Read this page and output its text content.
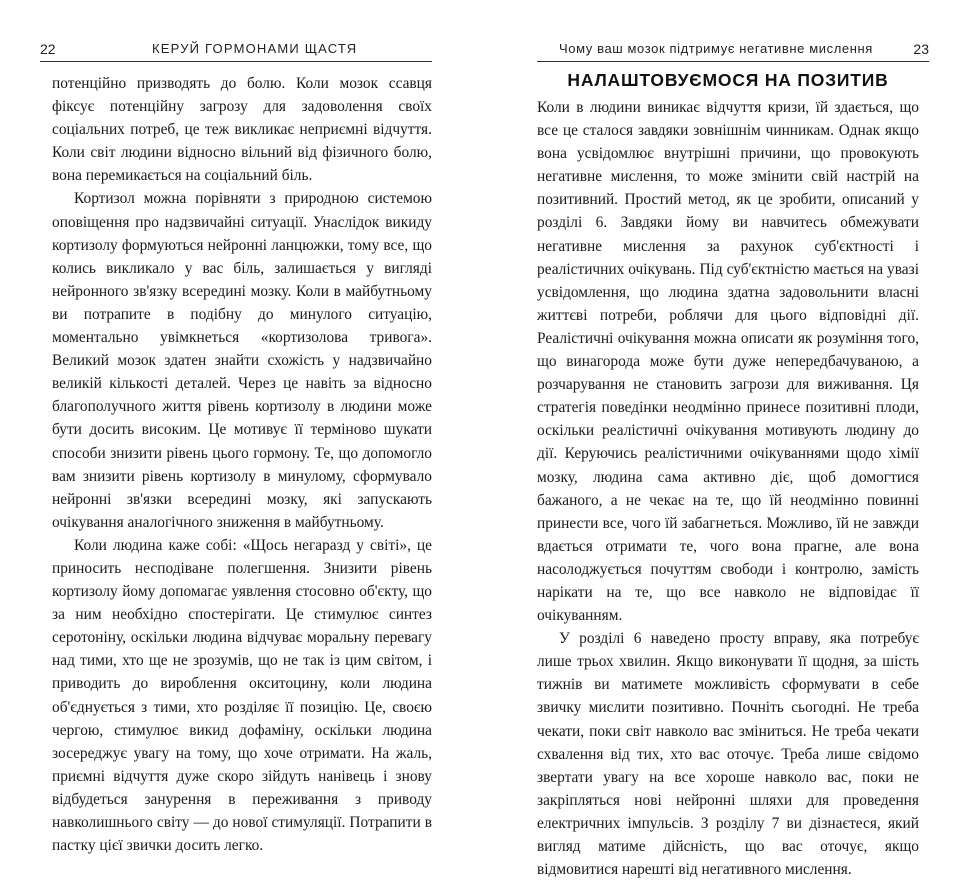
22	КЕРУЙ ГОРМОНАМИ ЩАСТЯ

потенційно призводять до болю. Коли мозок ссавця фіксує потенційну загрозу для задоволення своїх соціальних потреб, це теж викликає неприємні відчуття. Коли світ людини відносно вільний від фізичного болю, вона перемикається на соціальний біль.

Кортизол можна порівняти з природною системою оповіщення про надзвичайні ситуації. Унаслідок викиду кортизолу формуються нейронні ланцюжки, тому все, що колись викликало у вас біль, залишається у вигляді нейронного зв'язку всередині мозку. Коли в майбутньому ви потрапите в подібну до минулого ситуацію, моментально увімкнеться «кортизолова тривога». Великий мозок здатен знайти схожість у надзвичайно великій кількості деталей. Через це навіть за відносно благополучного життя рівень кортизолу в людини може бути досить високим. Це мотивує її терміново шукати способи знизити рівень цього гормону. Те, що допомогло вам знизити рівень кортизолу в минулому, сформувало нейронні зв'язки всередині мозку, які запускають очікування аналогічного зниження в майбутньому.

Коли людина каже собі: «Щось негаразд у світі», це приносить несподіване полегшення. Знизити рівень кортизолу йому допомагає уявлення стосовно об'єкту, що за ним необхідно спостерігати. Це стимулює синтез серотоніну, оскільки людина відчуває моральну перевагу над тими, хто ще не зрозумів, що не так із цим світом, і приводить до вироблення окситоцину, коли людина об'єднується з тими, хто розділяє її позицію. Це, своєю чергою, стимулює викид дофаміну, оскільки людина зосереджує увагу на тому, що хоче отримати. На жаль, приємні відчуття дуже скоро зійдуть нанівець і знову відбудеться занурення в переживання з приводу навколишнього світу — до нової стимуляції. Потрапити в пастку цієї звички досить легко.

Чому ваш мозок підтримує негативне мислення	23
НАЛАШТОВУЄМОСЯ НА ПОЗИТИВ

Коли в людини виникає відчуття кризи, їй здається, що все це сталося завдяки зовнішнім чинникам. Однак якщо вона усвідомлює внутрішні причини, що провокують негативне мислення, то може змінити свій настрій на позитивний. Простий метод, як це зробити, описаний у розділі 6. Завдяки йому ви навчитесь обмежувати негативне мислення за рахунок суб'єктності і реалістичних очікувань. Під суб'єктністю мається на увазі усвідомлення, що людина здатна задовольнити власні життєві потреби, роблячи для цього відповідні дії. Реалістичні очікування можна описати як розуміння того, що винагорода може бути дуже непередбачуваною, а розчарування не становить загрози для виживання. Ця стратегія поведінки неодмінно принесе позитивні плоди, оскільки реалістичні очікування мотивують людину до дії. Керуючись реалістичними очікуваннями щодо хімії мозку, людина сама активно діє, щоб домогтися бажаного, а не чекає на те, що їй неодмінно повинні принести все, чого їй забагнеться. Можливо, їй не завжди вдається отримати те, чого вона прагне, але вона насолоджується почуттям свободи і контролю, замість нарікати на те, що все навколо не відповідає її очікуванням.

У розділі 6 наведено просту вправу, яка потребує лише трьох хвилин. Якщо виконувати її щодня, за шість тижнів ви матимете можливість сформувати в себе звичку мислити позитивно. Почніть сьогодні. Не треба чекати, поки світ навколо вас зміниться. Не треба чекати схвалення від тих, хто вас оточує. Треба лише свідомо звертати увагу на все хороше навколо вас, поки не закріпляться нові нейронні шляхи для проведення електричних імпульсів. З розділу 7 ви дізнаєтеся, який вигляд матиме дійсність, що вас оточує, якщо відмовитися нарешті від негативного мислення.
